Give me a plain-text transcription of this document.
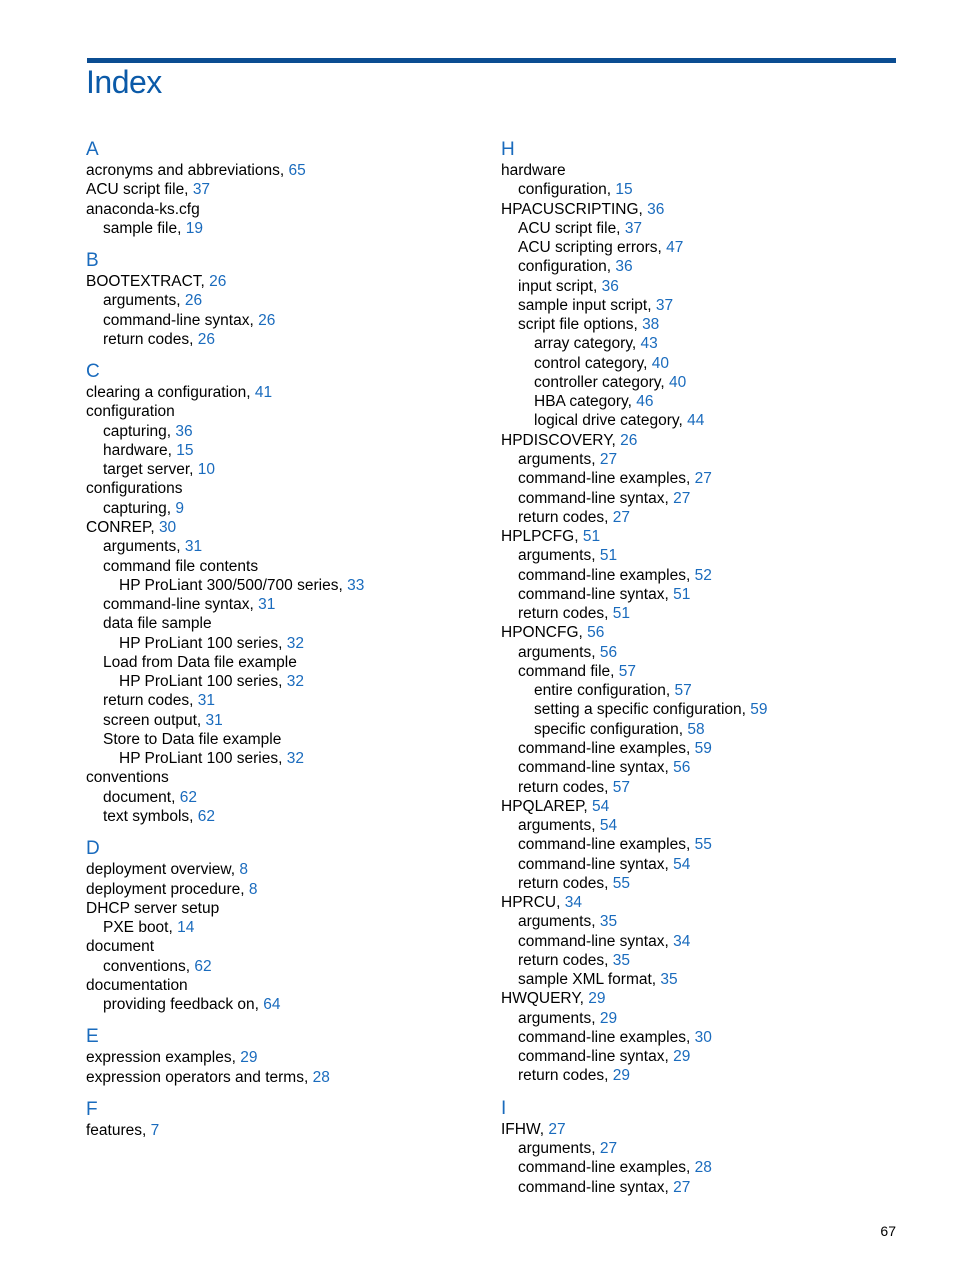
Index
A
acronyms and abbreviations, 65
ACU script file, 37
anaconda-ks.cfg
sample file, 19
B
BOOTEXTRACT, 26
arguments, 26
command-line syntax, 26
return codes, 26
C
clearing a configuration, 41
configuration
capturing, 36
hardware, 15
target server, 10
configurations
capturing, 9
CONREP, 30
arguments, 31
command file contents
HP ProLiant 300/500/700 series, 33
command-line syntax, 31
data file sample
HP ProLiant 100 series, 32
Load from Data file example
HP ProLiant 100 series, 32
return codes, 31
screen output, 31
Store to Data file example
HP ProLiant 100 series, 32
conventions
document, 62
text symbols, 62
D
deployment overview, 8
deployment procedure, 8
DHCP server setup
PXE boot, 14
document
conventions, 62
documentation
providing feedback on, 64
E
expression examples, 29
expression operators and terms, 28
F
features, 7
H
hardware
configuration, 15
HPACUSCRIPTING, 36
ACU script file, 37
ACU scripting errors, 47
configuration, 36
input script, 36
sample input script, 37
script file options, 38
array category, 43
control category, 40
controller category, 40
HBA category, 46
logical drive category, 44
HPDISCOVERY, 26
arguments, 27
command-line examples, 27
command-line syntax, 27
return codes, 27
HPLPCFG, 51
arguments, 51
command-line examples, 52
command-line syntax, 51
return codes, 51
HPONCFG, 56
arguments, 56
command file, 57
entire configuration, 57
setting a specific configuration, 59
specific configuration, 58
command-line examples, 59
command-line syntax, 56
return codes, 57
HPQLAREP, 54
arguments, 54
command-line examples, 55
command-line syntax, 54
return codes, 55
HPRCU, 34
arguments, 35
command-line syntax, 34
return codes, 35
sample XML format, 35
HWQUERY, 29
arguments, 29
command-line examples, 30
command-line syntax, 29
return codes, 29
I
IFHW, 27
arguments, 27
command-line examples, 28
command-line syntax, 27
67
